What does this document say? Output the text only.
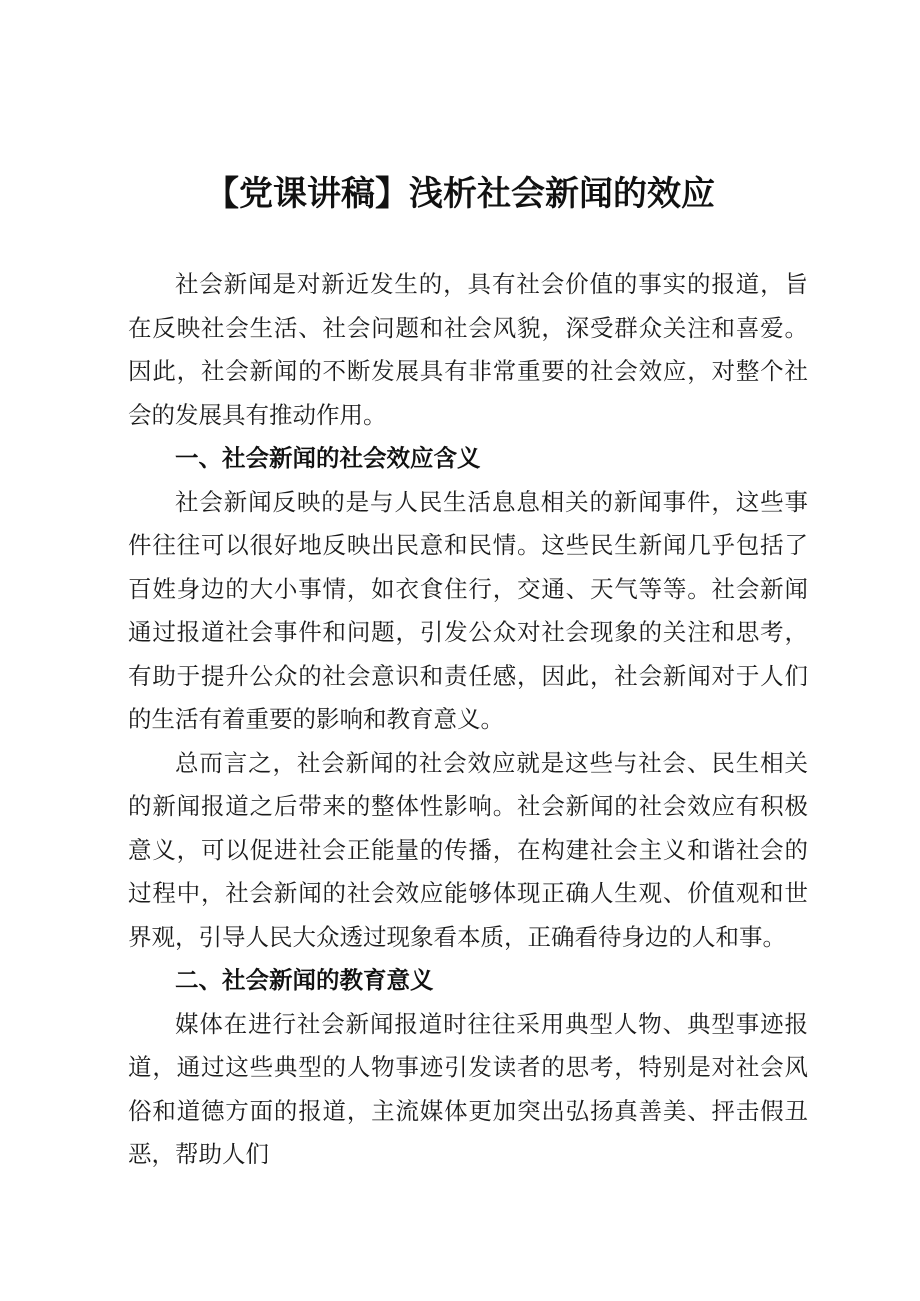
【党课讲稿】浅析社会新闻的效应

社会新闻是对新近发生的，具有社会价值的事实的报道，旨在反映社会生活、社会问题和社会风貌，深受群众关注和喜爱。因此，社会新闻的不断发展具有非常重要的社会效应，对整个社会的发展具有推动作用。

一、社会新闻的社会效应含义

社会新闻反映的是与人民生活息息相关的新闻事件，这些事件往往可以很好地反映出民意和民情。这些民生新闻几乎包括了百姓身边的大小事情，如衣食住行，交通、天气等等。社会新闻通过报道社会事件和问题，引发公众对社会现象的关注和思考，有助于提升公众的社会意识和责任感，因此，社会新闻对于人们的生活有着重要的影响和教育意义。

总而言之，社会新闻的社会效应就是这些与社会、民生相关的新闻报道之后带来的整体性影响。社会新闻的社会效应有积极意义，可以促进社会正能量的传播，在构建社会主义和谐社会的过程中，社会新闻的社会效应能够体现正确人生观、价值观和世界观，引导人民大众透过现象看本质，正确看待身边的人和事。

二、社会新闻的教育意义

媒体在进行社会新闻报道时往往采用典型人物、典型事迹报道，通过这些典型的人物事迹引发读者的思考，特别是对社会风俗和道德方面的报道，主流媒体更加突出弘扬真善美、抨击假丑恶，帮助人们
